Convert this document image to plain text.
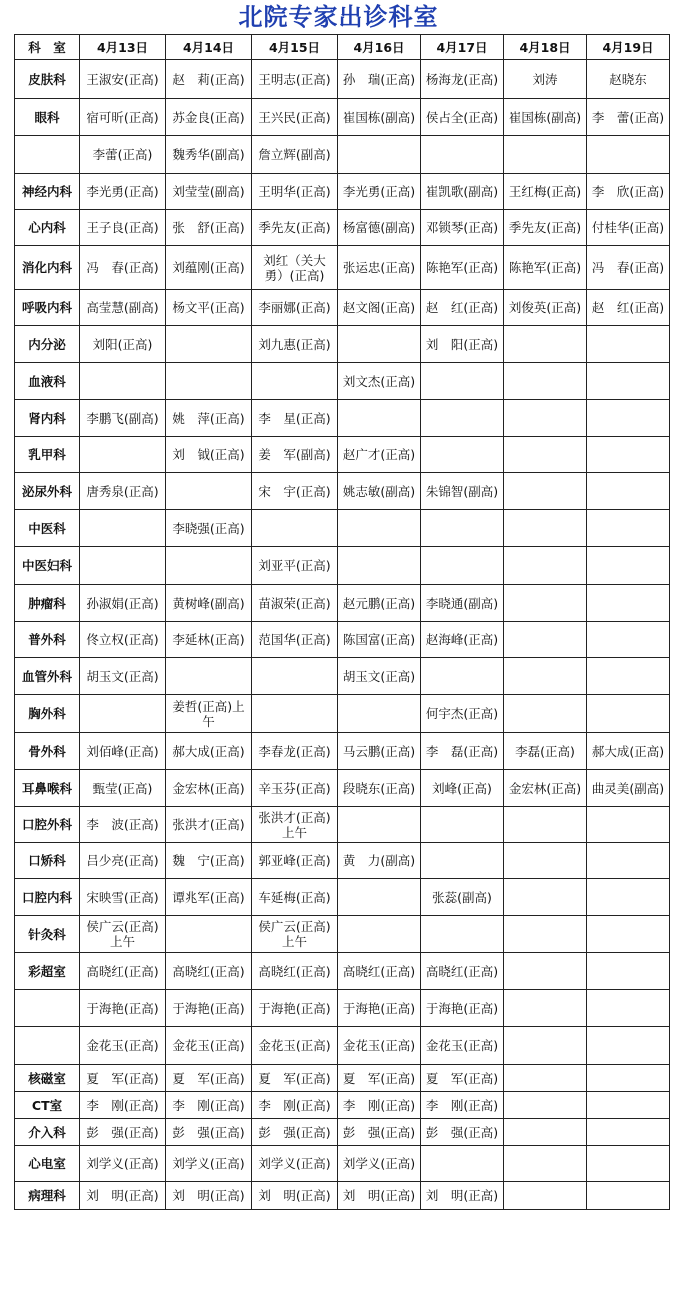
北院专家出诊科室
科　室	4月13日	4月14日	4月15日	4月16日	4月17日	4月18日	4月19日
皮肤科	王淑安(正高)	赵　莉(正高)	王明志(正高)	孙　瑞(正高)	杨海龙(正高)	刘涛	赵晓东
眼科	宿可昕(正高)	苏金良(正高)	王兴民(正高)	崔国栋(副高)	侯占全(正高)	崔国栋(副高)	李　蕾(正高)
	李蕾(正高)	魏秀华(副高)	詹立辉(副高)				
神经内科	李光勇(正高)	刘莹莹(副高)	王明华(正高)	李光勇(正高)	崔凯歌(副高)	王红梅(正高)	李　欣(正高)
心内科	王子良(正高)	张　舒(正高)	季先友(正高)	杨富德(副高)	邓锁琴(正高)	季先友(正高)	付桂华(正高)
消化内科	冯　春(正高)	刘蕴刚(正高)	刘红（关大勇）(正高)	张运忠(正高)	陈艳军(正高)	陈艳军(正高)	冯　春(正高)
呼吸内科	高莹慧(副高)	杨文平(正高)	李丽娜(正高)	赵文阁(正高)	赵　红(正高)	刘俊英(正高)	赵　红(正高)
内分泌	刘阳(正高)		刘九惠(正高)		刘　阳(正高)		
血液科				刘文杰(正高)			
肾内科	李鹏飞(副高)	姚　萍(正高)	李　星(正高)				
乳甲科		刘　钺(正高)	姜　军(副高)	赵广才(正高)			
泌尿外科	唐秀泉(正高)		宋　宇(正高)	姚志敏(副高)	朱锦智(副高)		
中医科		李晓强(正高)					
中医妇科			刘亚平(正高)				
肿瘤科	孙淑娟(正高)	黄树峰(副高)	苗淑荣(正高)	赵元鹏(正高)	李晓通(副高)		
普外科	佟立权(正高)	李延林(正高)	范国华(正高)	陈国富(正高)	赵海峰(正高)		
血管外科	胡玉文(正高)			胡玉文(正高)			
胸外科		姜哲(正高)上午			何宇杰(正高)		
骨外科	刘佰峰(正高)	郝大成(正高)	李春龙(正高)	马云鹏(正高)	李　磊(正高)	李磊(正高)	郝大成(正高)
耳鼻喉科	甄莹(正高)	金宏林(正高)	辛玉芬(正高)	段晓东(正高)	刘峰(正高)	金宏林(正高)	曲灵美(副高)
口腔外科	李　波(正高)	张洪才(正高)	张洪才(正高)上午				
口矫科	吕少亮(正高)	魏　宁(正高)	郭亚峰(正高)	黄　力(副高)			
口腔内科	宋映雪(正高)	谭兆军(正高)	车延梅(正高)		张蕊(副高)		
针灸科	侯广云(正高)上午		侯广云(正高)上午				
彩超室	高晓红(正高)	高晓红(正高)	高晓红(正高)	高晓红(正高)	高晓红(正高)		
	于海艳(正高)	于海艳(正高)	于海艳(正高)	于海艳(正高)	于海艳(正高)		
	金花玉(正高)	金花玉(正高)	金花玉(正高)	金花玉(正高)	金花玉(正高)		
核磁室	夏　军(正高)	夏　军(正高)	夏　军(正高)	夏　军(正高)	夏　军(正高)		
CT室	李　刚(正高)	李　刚(正高)	李　刚(正高)	李　刚(正高)	李　刚(正高)		
介入科	彭　强(正高)	彭　强(正高)	彭　强(正高)	彭　强(正高)	彭　强(正高)		
心电室	刘学义(正高)	刘学义(正高)	刘学义(正高)	刘学义(正高)			
病理科	刘　明(正高)	刘　明(正高)	刘　明(正高)	刘　明(正高)	刘　明(正高)		
